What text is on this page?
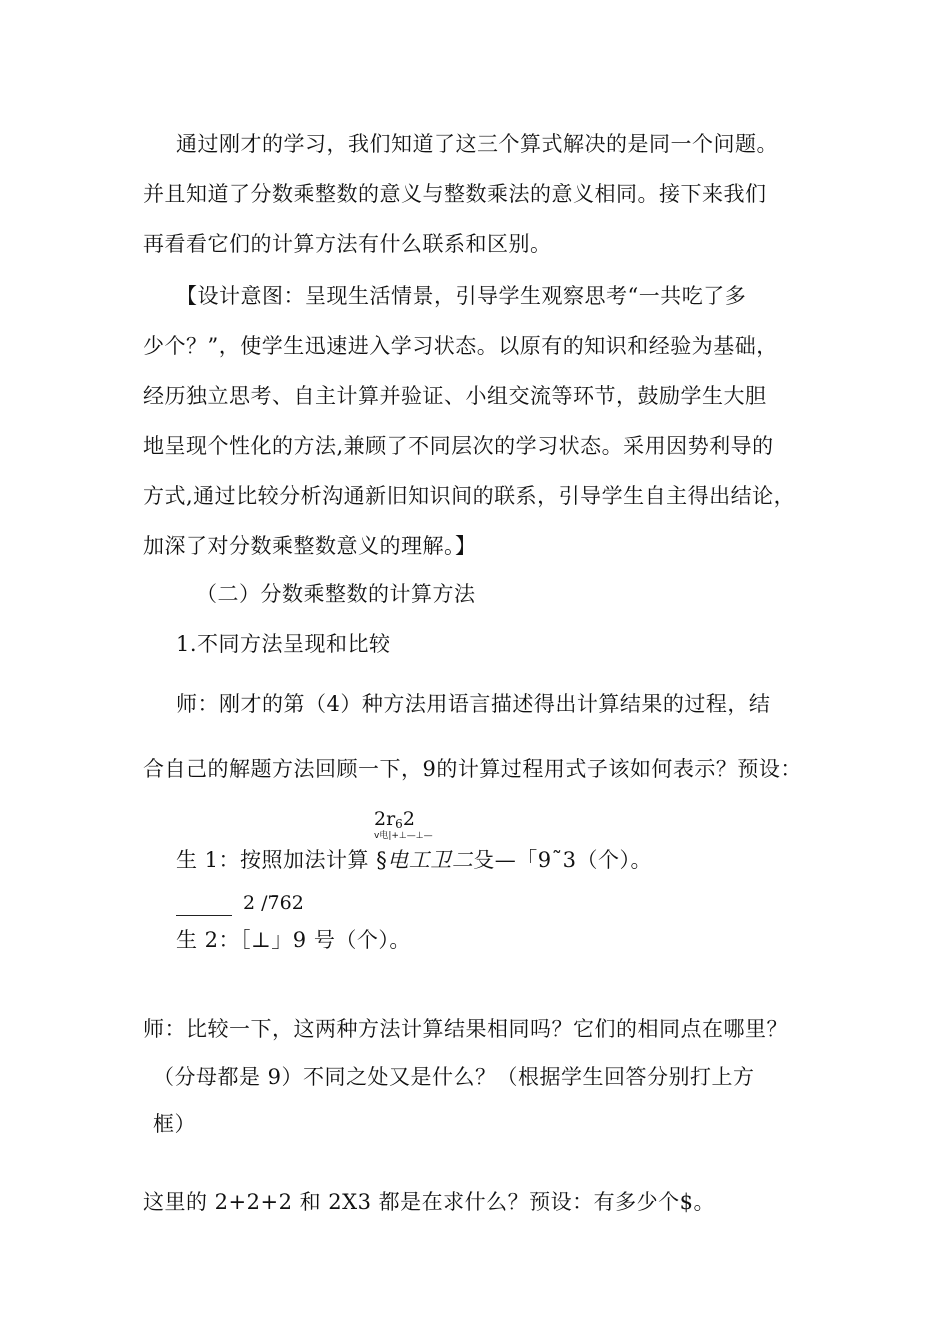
通过刚才的学习，我们知道了这三个算式解决的是同一个问题。
并且知道了分数乘整数的意义与整数乘法的意义相同。接下来我们
再看看它们的计算方法有什么联系和区别。
【设计意图：呈现生活情景，引导学生观察思考“一共吃了多
少个？”，使学生迅速进入学习状态。以原有的知识和经验为基础，
经历独立思考、自主计算并验证、小组交流等环节，鼓励学生大胆
地呈现个性化的方法,兼顾了不同层次的学习状态。采用因势利导的
方式,通过比较分析沟通新旧知识间的联系，引导学生自主得出结论，
加深了对分数乘整数意义的理解。】
（二）分数乘整数的计算方法
1.不同方法呈现和比较
师：刚才的第（4）种方法用语言描述得出计算结果的过程，结
合自己的解题方法回顾一下，9的计算过程用式子该如何表示？预设：
$2r_62$
v电|+⊥—⊥—
生 1：按照加法计算 §电工卫二殳—「9˜3（个）。
2 /7̄62
生 2：［⊥」9 号（个）。
师：比较一下，这两种方法计算结果相同吗？它们的相同点在哪里？
（分母都是 9）不同之处又是什么？（根据学生回答分别打上方
框）
这里的 2+2+2 和 2X3 都是在求什么？预设：有多少个$。
